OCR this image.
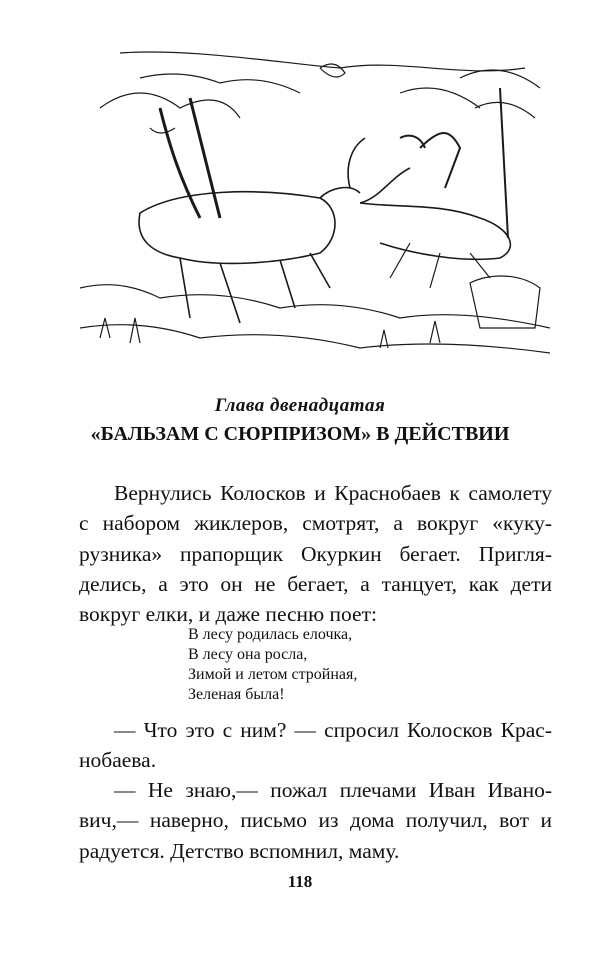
Глава двенадцатая
«БАЛЬЗАМ С СЮРПРИЗОМ» В ДЕЙСТВИИ
Вернулись Колосков и Краснобаев к самолету
с набором жиклеров, смотрят, а вокруг «куку-
рузника» прапорщик Окуркин бегает. Пригля-
делись, а это он не бегает, а танцует, как дети
вокруг елки, и даже песню поет:
В лесу родилась елочка,
В лесу она росла,
Зимой и летом стройная,
Зеленая была!
— Что это с ним? — спросил Колосков Крас-
нобаева.
— Не знаю,— пожал плечами Иван Ивано-
вич,— наверно, письмо из дома получил, вот и
радуется. Детство вспомнил, маму.
118
